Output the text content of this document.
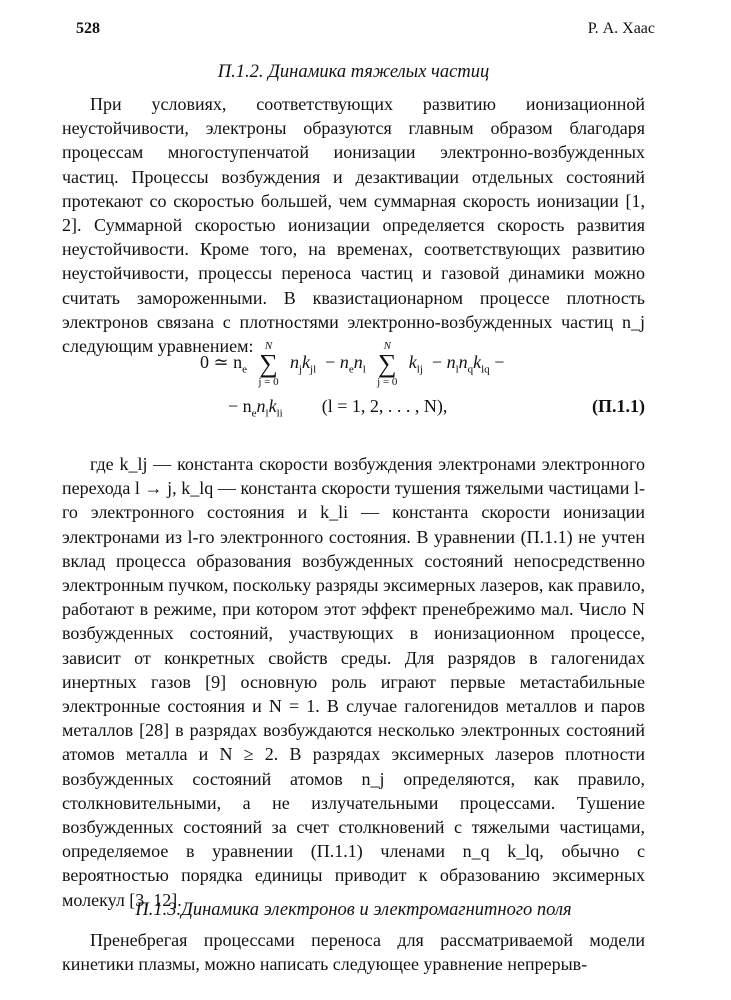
528	Р. А. Хаас
П.1.2. Динамика тяжелых частиц

При условиях, соответствующих развитию ионизационной неустойчивости, электроны образуются главным образом благодаря процессам многоступенчатой ионизации электронно-возбужденных частиц. Процессы возбуждения и дезактивации отдельных состояний протекают со скоростью большей, чем суммарная скорость ионизации [1, 2]. Суммарной скоростью ионизации определяется скорость развития неустойчивости. Кроме того, на временах, соответствующих развитию неустойчивости, процессы переноса частиц и газовой динамики можно считать замороженными. В квазистационарном процессе плотность электронов связана с плотностями электронно-возбужденных частиц n_j следующим уравнением:

0 ≃ $n_e$
N
∑
j = 0
$n_jk_{jl} - n_en_l$
N
∑
j = 0
$k_{lj} - n_ln_qk_{lq}$ −
− $n_en_lk_{li}$ (l = 1, 2, . . . , N),	(П.1.1)

где k_lj — константа скорости возбуждения электронами электронного перехода l → j, k_lq — константа скорости тушения тяжелыми частицами l-го электронного состояния и k_li — константа скорости ионизации электронами из l-го электронного состояния. В уравнении (П.1.1) не учтен вклад процесса образования возбужденных состояний непосредственно электронным пучком, поскольку разряды эксимерных лазеров, как правило, работают в режиме, при котором этот эффект пренебрежимо мал. Число N возбужденных состояний, участвующих в ионизационном процессе, зависит от конкретных свойств среды. Для разрядов в галогенидах инертных газов [9] основную роль играют первые метастабильные электронные состояния и N = 1. В случае галогенидов металлов и паров металлов [28] в разрядах возбуждаются несколько электронных состояний атомов металла и N ≥ 2. В разрядах эксимерных лазеров плотности возбужденных состояний атомов n_j определяются, как правило, столкновительными, а не излучательными процессами. Тушение возбужденных состояний за счет столкновений с тяжелыми частицами, определяемое в уравнении (П.1.1) членами n_q k_lq, обычно с вероятностью порядка единицы приводит к образованию эксимерных молекул [3, 12].

П.1.3.Динамика электронов и электромагнитного поля

Пренебрегая процессами переноса для рассматриваемой модели кинетики плазмы, можно написать следующее уравнение непрерыв-
